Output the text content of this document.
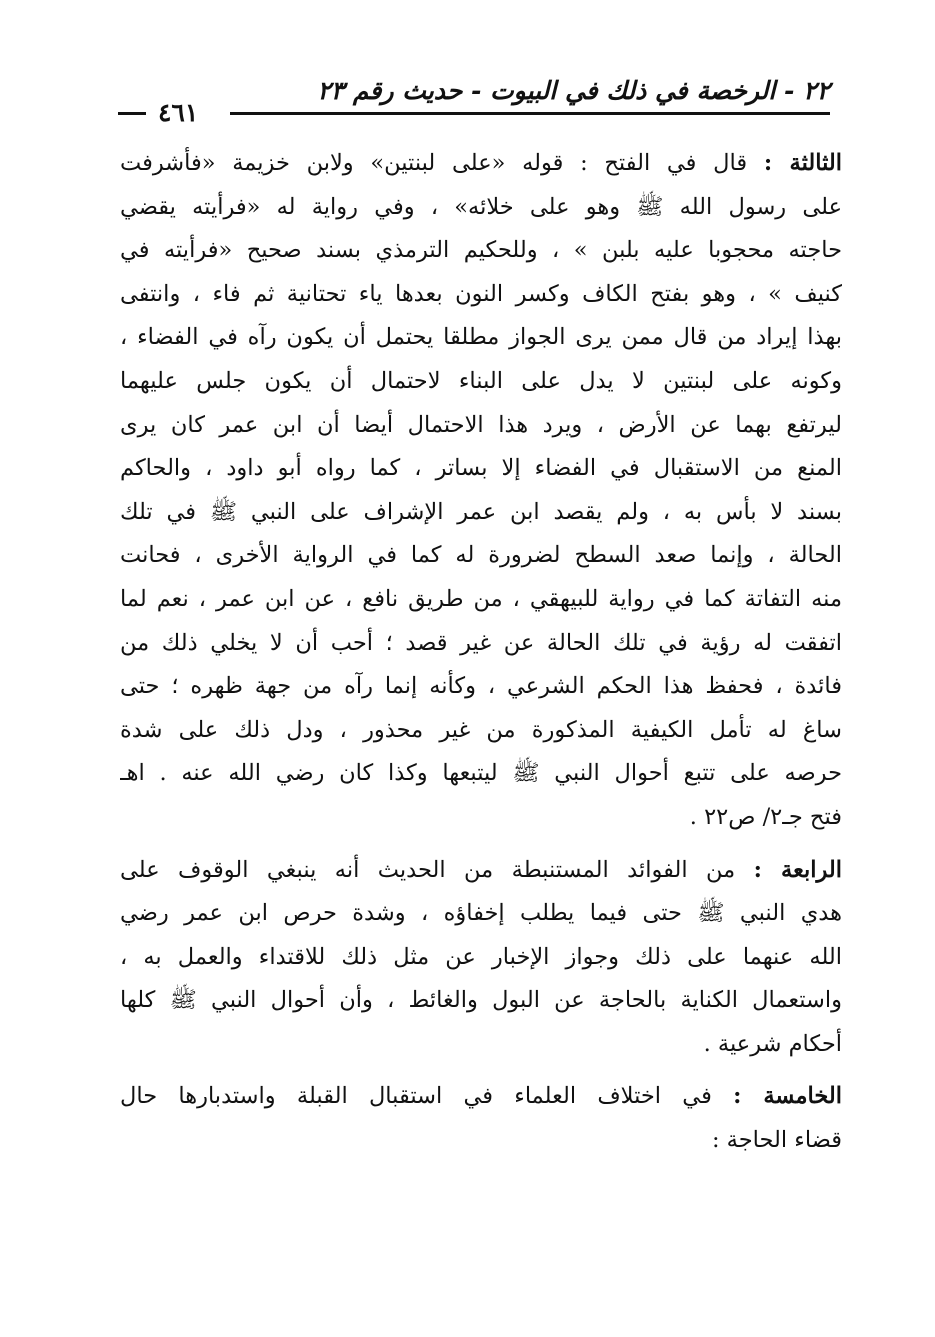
٢٢ - الرخصة في ذلك في البيوت - حديث رقم ٢٣
٤٦١
الثالثة : قال في الفتح : قوله «على لبنتين» ولابن خزيمة «فأشرفت
على رسول الله ﷺ وهو على خلائه» ، وفي رواية له «فرأيته يقضي
حاجته محجوبا عليه بلبن » ، وللحكيم الترمذي بسند صحيح «فرأيته في
كنيف » ، وهو بفتح الكاف وكسر النون بعدها ياء تحتانية ثم فاء ، وانتفى
بهذا إيراد من قال ممن يرى الجواز مطلقا يحتمل أن يكون رآه في الفضاء ،
وكونه على لبنتين لا يدل على البناء لاحتمال أن يكون جلس عليهما
ليرتفع بهما عن الأرض ، ويرد هذا الاحتمال أيضا أن ابن عمر كان يرى
المنع من الاستقبال في الفضاء إلا بساتر ، كما رواه أبو داود ، والحاكم
بسند لا بأس به ، ولم يقصد ابن عمر الإشراف على النبي ﷺ في تلك
الحالة ، وإنما صعد السطح لضرورة له كما في الرواية الأخرى ، فحانت
منه التفاتة كما في رواية للبيهقي ، من طريق نافع ، عن ابن عمر ، نعم لما
اتفقت له رؤية في تلك الحالة عن غير قصد ؛ أحب أن لا يخلي ذلك من
فائدة ، فحفظ هذا الحكم الشرعي ، وكأنه إنما رآه من جهة ظهره ؛ حتى
ساغ له تأمل الكيفية المذكورة من غير محذور ، ودل ذلك على شدة
حرصه على تتبع أحوال النبي ﷺ ليتبعها وكذا كان رضي الله عنه . اهـ
فتح جـ٢/ ص٢٢ .
الرابعة : من الفوائد المستنبطة من الحديث أنه ينبغي الوقوف على
هدي النبي ﷺ حتى فيما يطلب إخفاؤه ، وشدة حرص ابن عمر رضي
الله عنهما على ذلك وجواز الإخبار عن مثل ذلك للاقتداء والعمل به ،
واستعمال الكناية بالحاجة عن البول والغائط ، وأن أحوال النبي ﷺ كلها
أحكام شرعية .
الخامسة : في اختلاف العلماء في استقبال القبلة واستدبارها حال
قضاء الحاجة :
